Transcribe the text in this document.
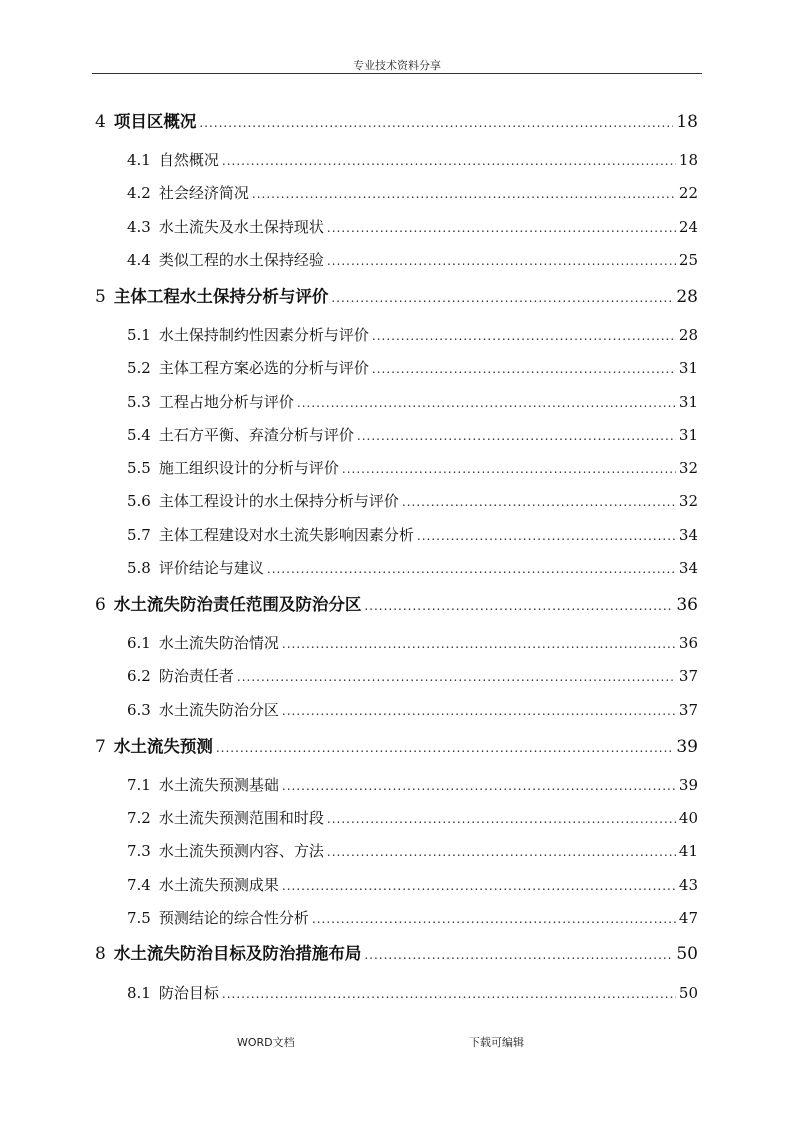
专业技术资料分享
4 项目区概况 .....	18
4.1 自然概况 .....	18
4.2 社会经济简况 .....	22
4.3 水土流失及水土保持现状 .....	24
4.4 类似工程的水土保持经验 .....	25
5 主体工程水土保持分析与评价 .....	28
5.1 水土保持制约性因素分析与评价 .....	28
5.2 主体工程方案必选的分析与评价 .....	31
5.3 工程占地分析与评价 .....	31
5.4 土石方平衡、弃渣分析与评价 .....	31
5.5 施工组织设计的分析与评价 .....	32
5.6 主体工程设计的水土保持分析与评价 .....	32
5.7 主体工程建设对水土流失影响因素分析 .....	34
5.8 评价结论与建议 .....	34
6 水土流失防治责任范围及防治分区 .....	36
6.1 水土流失防治情况 .....	36
6.2 防治责任者 .....	37
6.3 水土流失防治分区 .....	37
7 水土流失预测 .....	39
7.1 水土流失预测基础 .....	39
7.2 水土流失预测范围和时段 .....	40
7.3 水土流失预测内容、方法 .....	41
7.4 水土流失预测成果 .....	43
7.5 预测结论的综合性分析 .....	47
8 水土流失防治目标及防治措施布局 .....	50
8.1 防治目标 .....	50
WORD文档	下载可编辑
